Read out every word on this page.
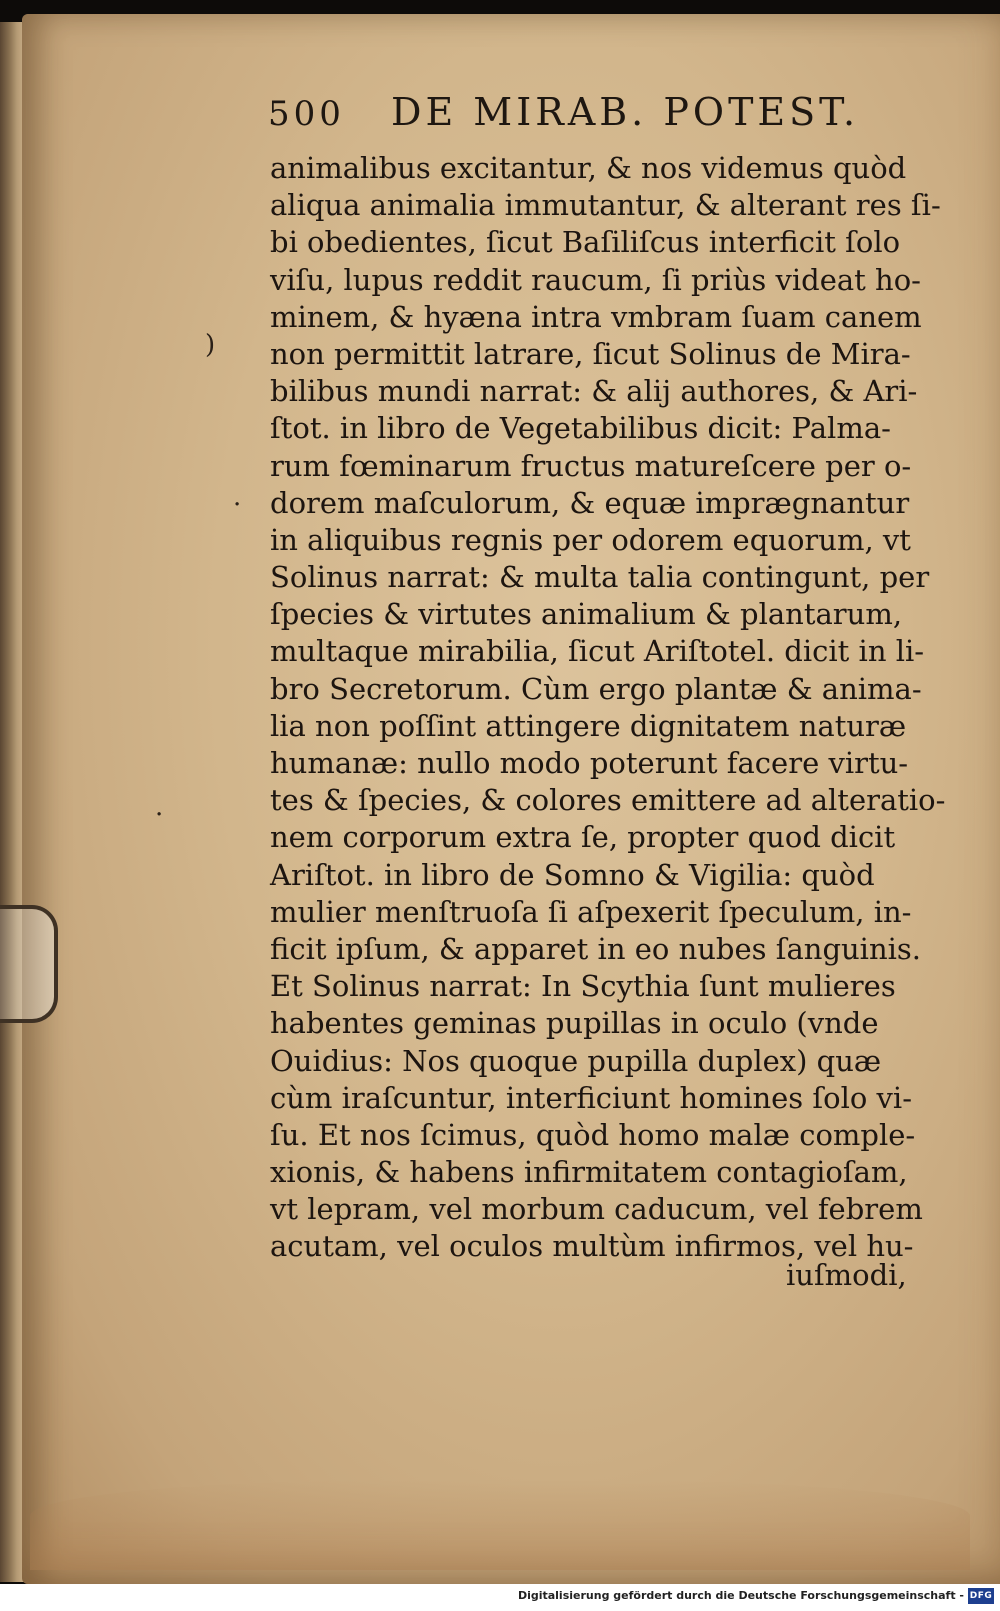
)
·
·
500 DE MIRAB. POTEST.
animalibus excitantur, & nos videmus quòd
aliqua animalia immutantur, & alterant res ſi-
bi obedientes, ſicut Baſiliſcus interficit ſolo
viſu, lupus reddit raucum, ſi priùs videat ho-
minem, & hyæna intra vmbram ſuam canem
non permittit latrare, ſicut Solinus de Mira-
bilibus mundi narrat: & alij authores, & Ari-
ſtot. in libro de Vegetabilibus dicit: Palma-
rum fœminarum fructus matureſcere per o-
dorem maſculorum, & equæ imprægnantur
in aliquibus regnis per odorem equorum, vt
Solinus narrat: & multa talia contingunt, per
ſpecies & virtutes animalium & plantarum,
multaque mirabilia, ſicut Ariſtotel. dicit in li-
bro Secretorum. Cùm ergo plantæ & anima-
lia non poſſint attingere dignitatem naturæ
humanæ: nullo modo poterunt facere virtu-
tes & ſpecies, & colores emittere ad alteratio-
nem corporum extra ſe, propter quod dicit
Ariſtot. in libro de Somno & Vigilia: quòd
mulier menſtruoſa ſi aſpexerit ſpeculum, in-
ficit ipſum, & apparet in eo nubes ſanguinis.
Et Solinus narrat: In Scythia ſunt mulieres
habentes geminas pupillas in oculo (vnde
Ouidius: Nos quoque pupilla duplex) quæ
cùm iraſcuntur, interficiunt homines ſolo vi-
ſu. Et nos ſcimus, quòd homo malæ comple-
xionis, & habens infirmitatem contagioſam,
vt lepram, vel morbum caducum, vel febrem
acutam, vel oculos multùm infirmos, vel hu-
iuſmodi,
Digitalisierung gefördert durch die Deutsche Forschungsgemeinschaft - DFG
